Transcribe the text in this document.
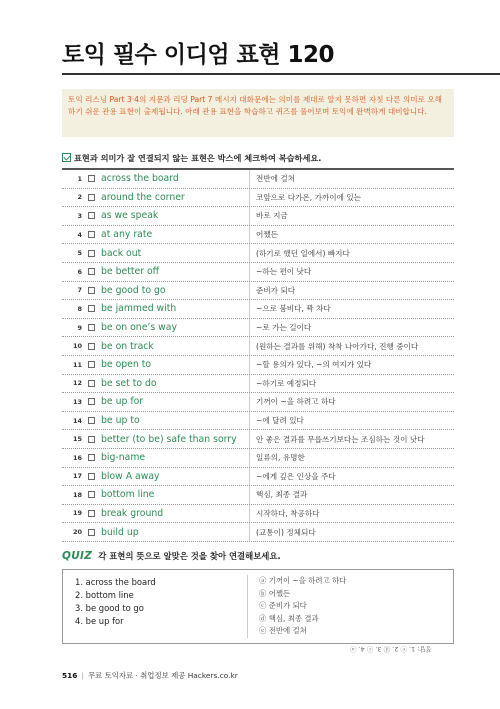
토익 필수 이디엄 표현 120
토익 리스닝 Part 3·4의 지문과 리딩 Part 7 메시지 대화문에는 의미를 제대로 알지 못하면 자칫 다른 의미로 오해하기 쉬운 관용 표현이 출제됩니다. 아래 관용 표현을 학습하고 퀴즈를 풀어보며 토익에 완벽하게 대비합니다.
표현과 의미가 잘 연결되지 않는 표현은 박스에 체크하여 복습하세요.
1 across the board	전반에 걸쳐
2 around the corner	코앞으로 다가온, 가까이에 있는
3 as we speak	바로 지금
4 at any rate	어쨌든
5 back out	(하기로 했던 일에서) 빠지다
6 be better off	~하는 편이 낫다
7 be good to go	준비가 되다
8 be jammed with	~으로 붐비다, 꽉 차다
9 be on one’s way	~로 가는 길이다
10 be on track	(원하는 결과를 위해) 착착 나아가다, 진행 중이다
11 be open to	~할 용의가 있다, ~의 여지가 있다
12 be set to do	~하기로 예정되다
13 be up for	기꺼이 ~을 하려고 하다
14 be up to	~에 달려 있다
15 better (to be) safe than sorry	안 좋은 결과를 무릅쓰기보다는 조심하는 것이 낫다
16 big-name	일류의, 유명한
17 blow A away	~에게 깊은 인상을 주다
18 bottom line	핵심, 최종 결과
19 break ground	시작하다, 착공하다
20 build up	(교통이) 정체되다
QUIZ 각 표현의 뜻으로 알맞은 것을 찾아 연결해보세요.
1. across the board
2. bottom line
3. be good to go
4. be up for
ⓐ 기꺼이 ~을 하려고 하다
ⓑ 어쨌든
ⓒ 준비가 되다
ⓓ 핵심, 최종 결과
ⓔ 전반에 걸쳐
정답: 1. ⓔ 2. ⓓ 3. ⓒ 4. ⓐ
516 | 무료 토익자료 · 취업정보 제공 Hackers.co.kr
